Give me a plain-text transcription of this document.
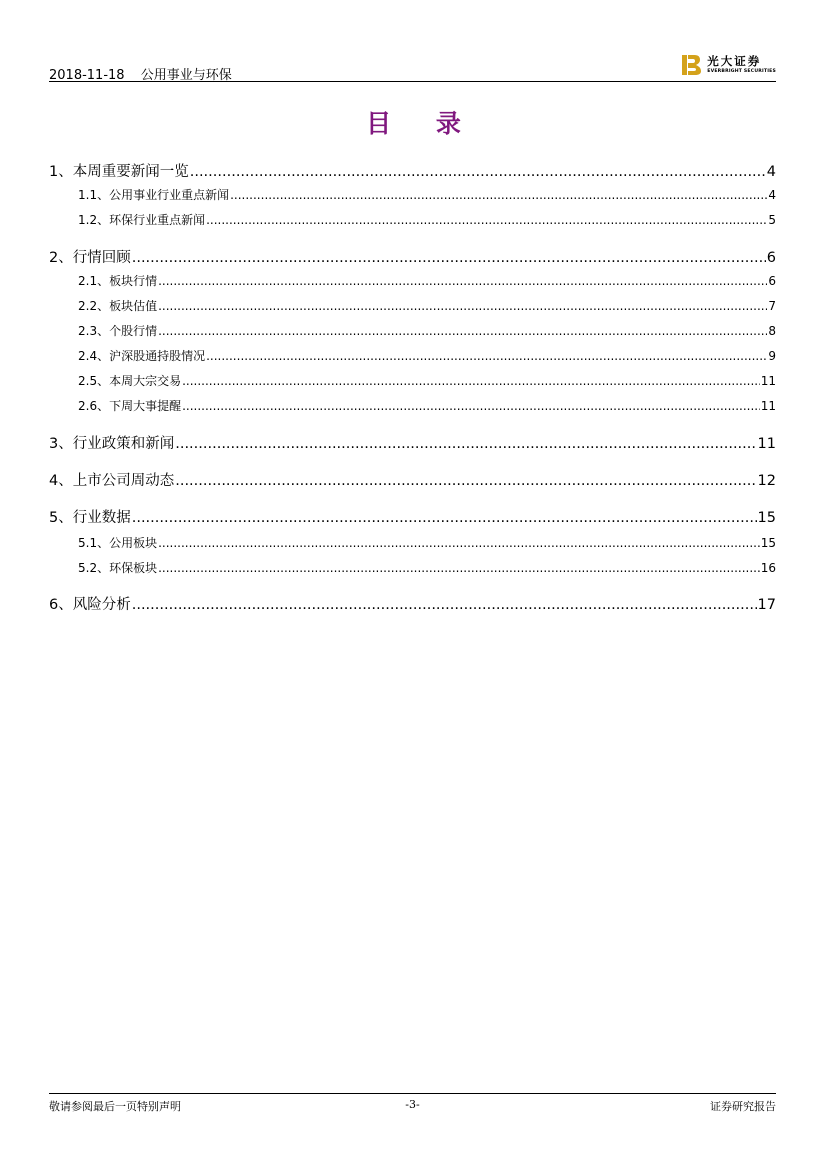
2018-11-18 公用事业与环保
光大证券
EVERBRIGHT SECURITIES
目 录
1、 本周重要新闻一览 .....	4
1.1、 公用事业行业重点新闻 .....	4
1.2、 环保行业重点新闻 .....	5
2、 行情回顾 .....	6
2.1、 板块行情 .....	6
2.2、 板块估值 .....	7
2.3、 个股行情 .....	8
2.4、 沪深股通持股情况 .....	9
2.5、 本周大宗交易 .....	11
2.6、 下周大事提醒 .....	11
3、 行业政策和新闻 .....	11
4、 上市公司周动态 .....	12
5、 行业数据 .....	15
5.1、 公用板块 .....	15
5.2、 环保板块 .....	16
6、 风险分析 .....	17
敬请参阅最后一页特别声明	-3-	证券研究报告
